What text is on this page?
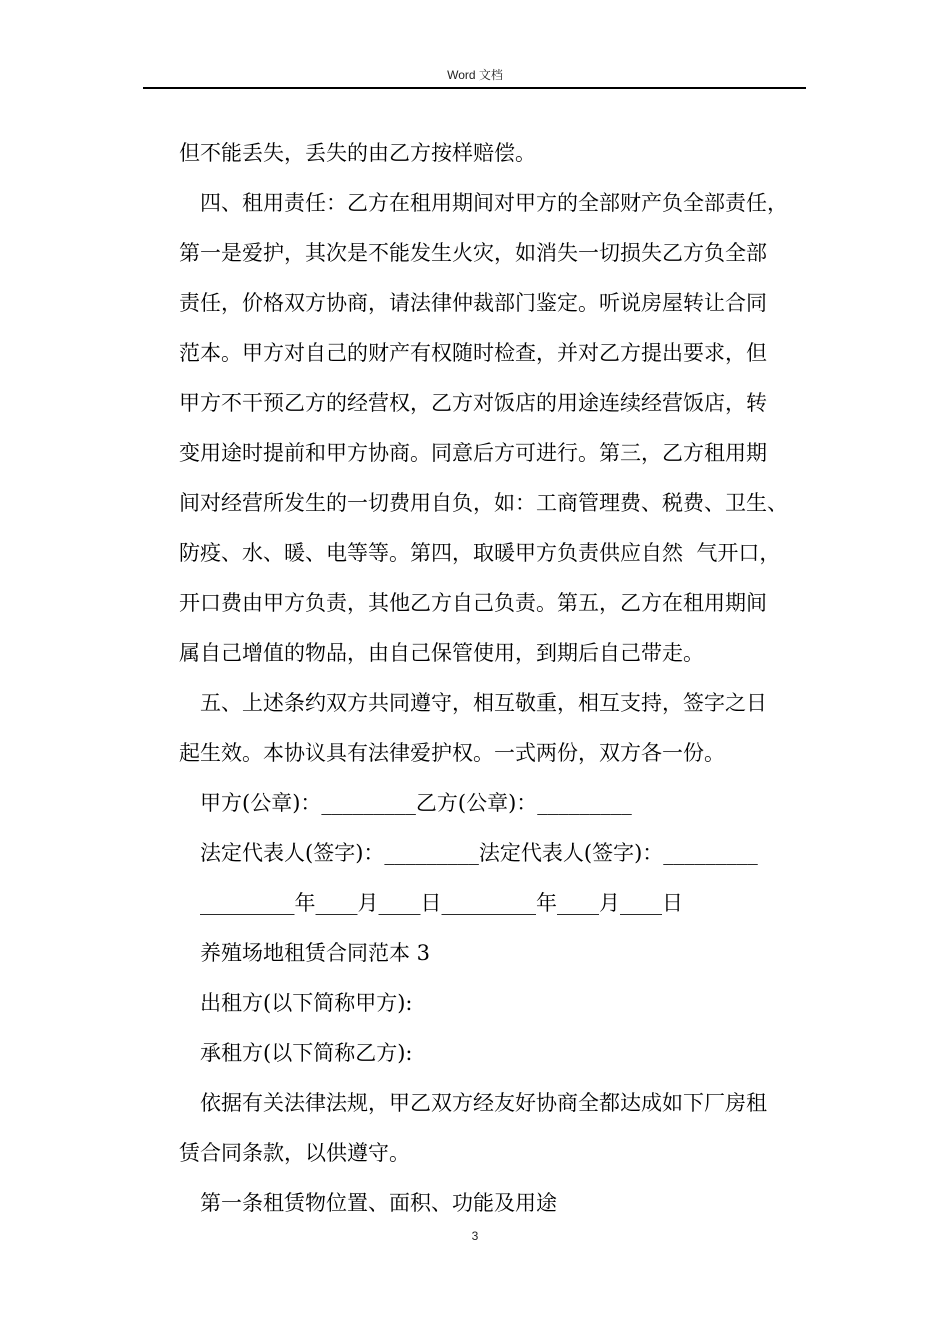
Word 文档
但不能丢失，丢失的由乙方按样赔偿。
四、租用责任：乙方在租用期间对甲方的全部财产负全部责任，
第一是爱护，其次是不能发生火灾，如消失一切损失乙方负全部
责任，价格双方协商，请法律仲裁部门鉴定。听说房屋转让合同
范本。甲方对自己的财产有权随时检查，并对乙方提出要求，但
甲方不干预乙方的经营权，乙方对饭店的用途连续经营饭店，转
变用途时提前和甲方协商。同意后方可进行。第三，乙方租用期
间对经营所发生的一切费用自负，如：工商管理费、税费、卫生、
防疫、水、暖、电等等。第四，取暖甲方负责供应自然  气开口，
开口费由甲方负责，其他乙方自己负责。第五，乙方在租用期间
属自己增值的物品，由自己保管使用，到期后自己带走。
五、上述条约双方共同遵守，相互敬重，相互支持，签字之日
起生效。本协议具有法律爱护权。一式两份，双方各一份。
甲方(公章)：_________乙方(公章)：_________
法定代表人(签字)：_________法定代表人(签字)：_________
_________年____月____日_________年____月____日
养殖场地租赁合同范本 3
出租方(以下简称甲方):
承租方(以下简称乙方):
依据有关法律法规，甲乙双方经友好协商全都达成如下厂房租
赁合同条款，以供遵守。
第一条租赁物位置、面积、功能及用途
3
